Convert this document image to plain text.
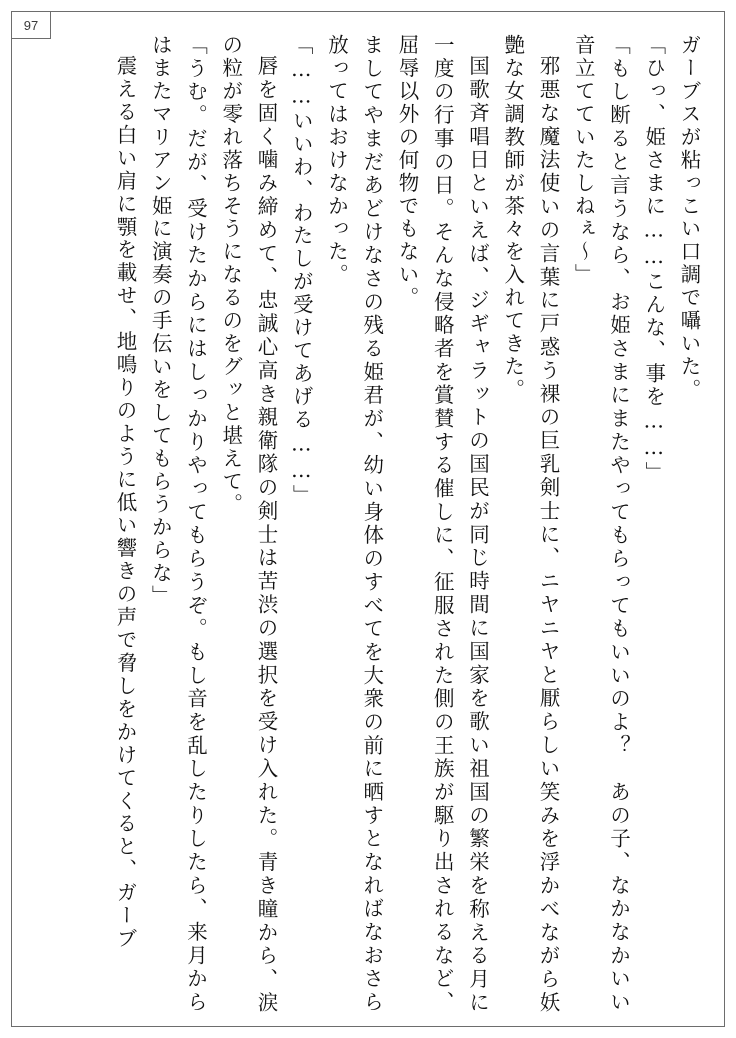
97

ガーブスが粘っこい口調で囁いた。

「ひっ、姫さまに……こんな、事を……」

「もし断ると言うなら、お姫さまにまたやってもらってもいいのよ？　あの子、なかなかいい音立てていたしねぇ〜」

邪悪な魔法使いの言葉に戸惑う裸の巨乳剣士に、ニヤニヤと厭らしい笑みを浮かべながら妖艶な女調教師が茶々を入れてきた。

国歌斉唱日といえば、ジギャラットの国民が同じ時間に国家を歌い祖国の繁栄を称える月に一度の行事の日。そんな侵略者を賞賛する催しに、征服された側の王族が駆り出されるなど、屈辱以外の何物でもない。

ましてやまだあどけなさの残る姫君が、幼い身体のすべてを大衆の前に晒すとなればなおさら放ってはおけなかった。

「……いいわ、わたしが受けてあげる……」

唇を固く噛み締めて、忠誠心高き親衛隊の剣士は苦渋の選択を受け入れた。青き瞳から、涙の粒が零れ落ちそうになるのをグッと堪えて。

「うむ。だが、受けたからにはしっかりやってもらうぞ。もし音を乱したりしたら、来月からはまたマリアン姫に演奏の手伝いをしてもらうからな」

震える白い肩に顎を載せ、地鳴りのように低い響きの声で脅しをかけてくると、ガーブ
